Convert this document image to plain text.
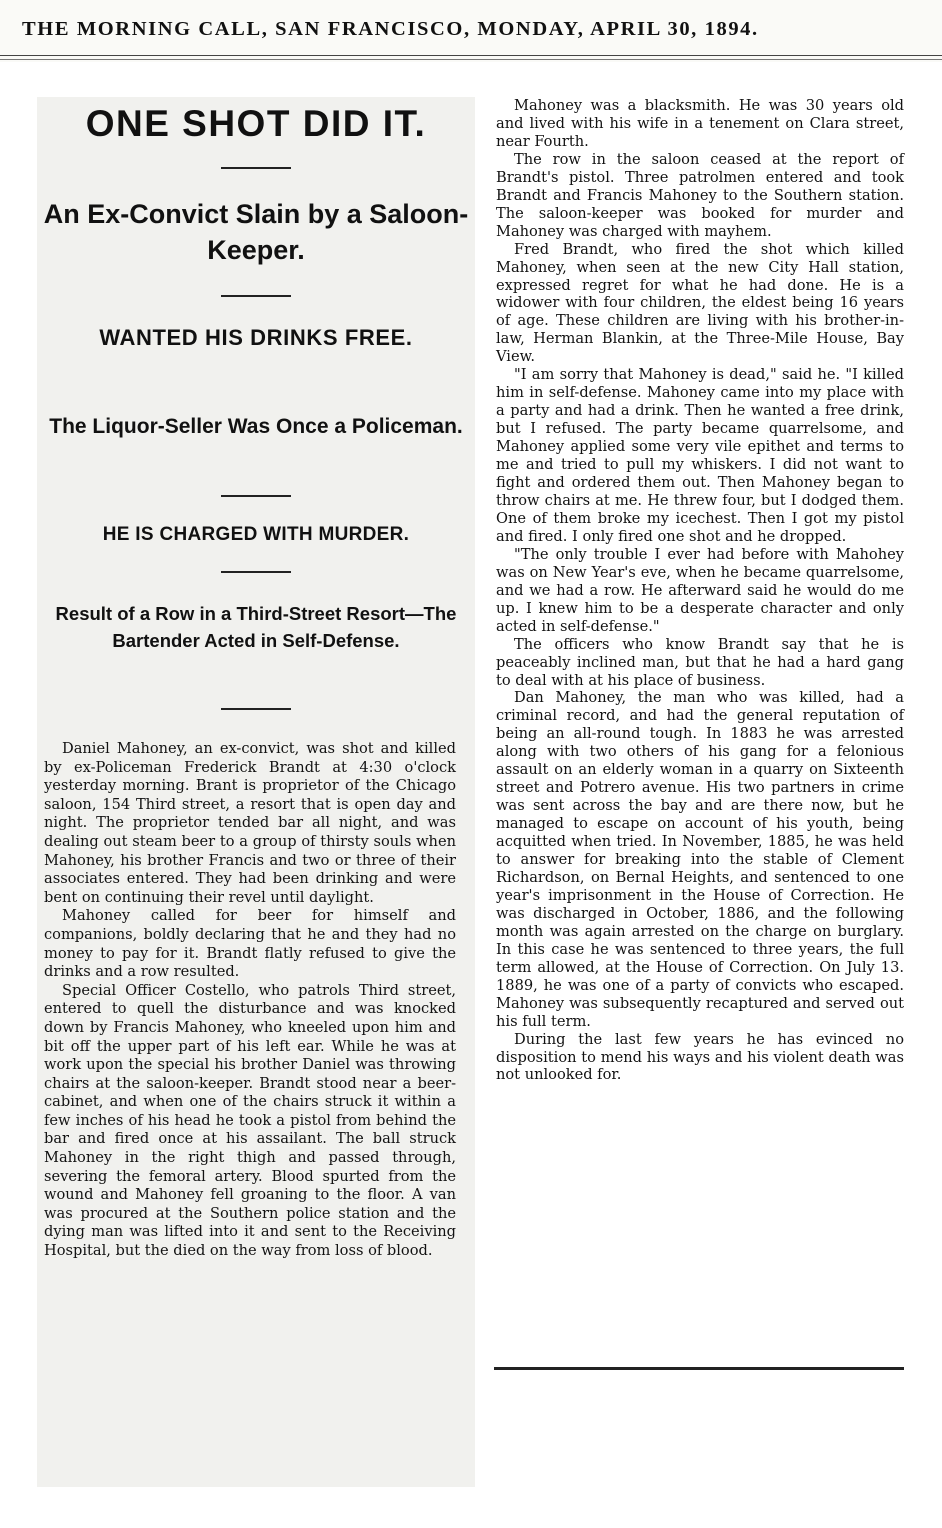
THE MORNING CALL, SAN FRANCISCO, MONDAY, APRIL 30, 1894.
ONE SHOT DID IT.
An Ex-Convict Slain by a Saloon-Keeper.
WANTED HIS DRINKS FREE.
The Liquor-Seller Was Once a Policeman.
HE IS CHARGED WITH MURDER.
Result of a Row in a Third-Street Resort—The Bartender Acted in Self-Defense.

Daniel Mahoney, an ex-convict, was shot and killed by ex-Policeman Frederick Brandt at 4:30 o'clock yesterday morning. Brant is proprietor of the Chicago saloon, 154 Third street, a resort that is open day and night. The proprietor tended bar all night, and was dealing out steam beer to a group of thirsty souls when Mahoney, his brother Francis and two or three of their associates entered. They had been drinking and were bent on continuing their revel until daylight.

Mahoney called for beer for himself and companions, boldly declaring that he and they had no money to pay for it. Brandt flatly refused to give the drinks and a row resulted.

Special Officer Costello, who patrols Third street, entered to quell the disturbance and was knocked down by Francis Mahoney, who kneeled upon him and bit off the upper part of his left ear. While he was at work upon the special his brother Daniel was throwing chairs at the saloon-keeper. Brandt stood near a beer-cabinet, and when one of the chairs struck it within a few inches of his head he took a pistol from behind the bar and fired once at his assailant. The ball struck Mahoney in the right thigh and passed through, severing the femoral artery. Blood spurted from the wound and Mahoney fell groaning to the floor. A van was procured at the Southern police station and the dying man was lifted into it and sent to the Receiving Hospital, but the died on the way from loss of blood.

Mahoney was a blacksmith. He was 30 years old and lived with his wife in a tenement on Clara street, near Fourth.

The row in the saloon ceased at the report of Brandt's pistol. Three patrolmen entered and took Brandt and Francis Mahoney to the Southern station. The saloon-keeper was booked for murder and Mahoney was charged with mayhem.

Fred Brandt, who fired the shot which killed Mahoney, when seen at the new City Hall station, expressed regret for what he had done. He is a widower with four children, the eldest being 16 years of age. These children are living with his brother-in-law, Herman Blankin, at the Three-Mile House, Bay View.

"I am sorry that Mahoney is dead," said he. "I killed him in self-defense. Mahoney came into my place with a party and had a drink. Then he wanted a free drink, but I refused. The party became quarrelsome, and Mahoney applied some very vile epithet and terms to me and tried to pull my whiskers. I did not want to fight and ordered them out. Then Mahoney began to throw chairs at me. He threw four, but I dodged them. One of them broke my icechest. Then I got my pistol and fired. I only fired one shot and he dropped.

"The only trouble I ever had before with Mahohey was on New Year's eve, when he became quarrelsome, and we had a row. He afterward said he would do me up. I knew him to be a desperate character and only acted in self-defense."

The officers who know Brandt say that he is peaceably inclined man, but that he had a hard gang to deal with at his place of business.

Dan Mahoney, the man who was killed, had a criminal record, and had the general reputation of being an all-round tough. In 1883 he was arrested along with two others of his gang for a felonious assault on an elderly woman in a quarry on Sixteenth street and Potrero avenue. His two partners in crime was sent across the bay and are there now, but he managed to escape on account of his youth, being acquitted when tried. In November, 1885, he was held to answer for breaking into the stable of Clement Richardson, on Bernal Heights, and sentenced to one year's imprisonment in the House of Correction. He was discharged in October, 1886, and the following month was again arrested on the charge on burglary. In this case he was sentenced to three years, the full term allowed, at the House of Correction. On July 13. 1889, he was one of a party of convicts who escaped. Mahoney was subsequently recaptured and served out his full term.

During the last few years he has evinced no disposition to mend his ways and his violent death was not unlooked for.
